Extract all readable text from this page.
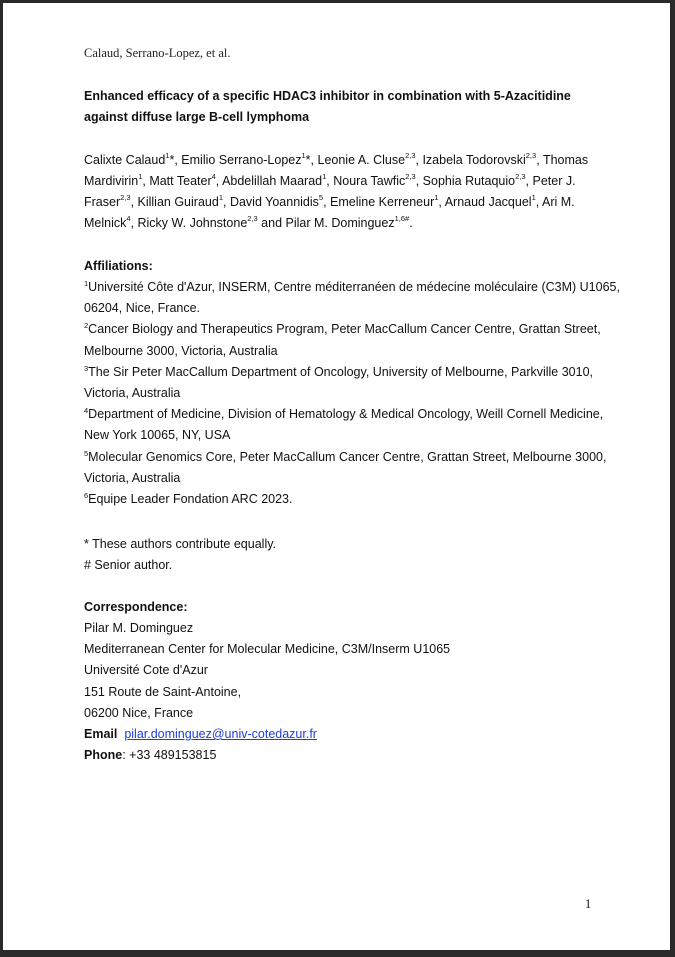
Calaud, Serrano-Lopez, et al.
Enhanced efficacy of a specific HDAC3 inhibitor in combination with 5-Azacitidine
against diffuse large B-cell lymphoma
Calixte Calaud$^1$*, Emilio Serrano-Lopez$^1$*, Leonie A. Cluse$^{2,3}$, Izabela Todorovski$^{2,3}$, Thomas Mardivirin$^1$, Matt Teater$^4$, Abdelillah Maarad$^1$, Noura Tawfic$^{2,3}$, Sophia Rutaquio$^{2,3}$, Peter J. Fraser$^{2,3}$, Killian Guiraud$^1$, David Yoannidis$^5$, Emeline Kerreneur$^1$, Arnaud Jacquel$^1$, Ari M. Melnick$^4$, Ricky W. Johnstone$^{2,3}$ and Pilar M. Dominguez$^{1,6\#}$.
Affiliations:
$^1$Université Côte d'Azur, INSERM, Centre méditerranéen de médecine moléculaire (C3M) U1065, 06204, Nice, France.
$^2$Cancer Biology and Therapeutics Program, Peter MacCallum Cancer Centre, Grattan Street, Melbourne 3000, Victoria, Australia
$^3$The Sir Peter MacCallum Department of Oncology, University of Melbourne, Parkville 3010, Victoria, Australia
$^4$Department of Medicine, Division of Hematology & Medical Oncology, Weill Cornell Medicine, New York 10065, NY, USA
$^5$Molecular Genomics Core, Peter MacCallum Cancer Centre, Grattan Street, Melbourne 3000, Victoria, Australia
$^6$Equipe Leader Fondation ARC 2023.
* These authors contribute equally.
# Senior author.
Correspondence:
Pilar M. Dominguez
Mediterranean Center for Molecular Medicine, C3M/Inserm U1065
Université Cote d'Azur
151 Route de Saint-Antoine,
06200 Nice, France
Email pilar.dominguez@univ-cotedazur.fr
Phone: +33 489153815
1
